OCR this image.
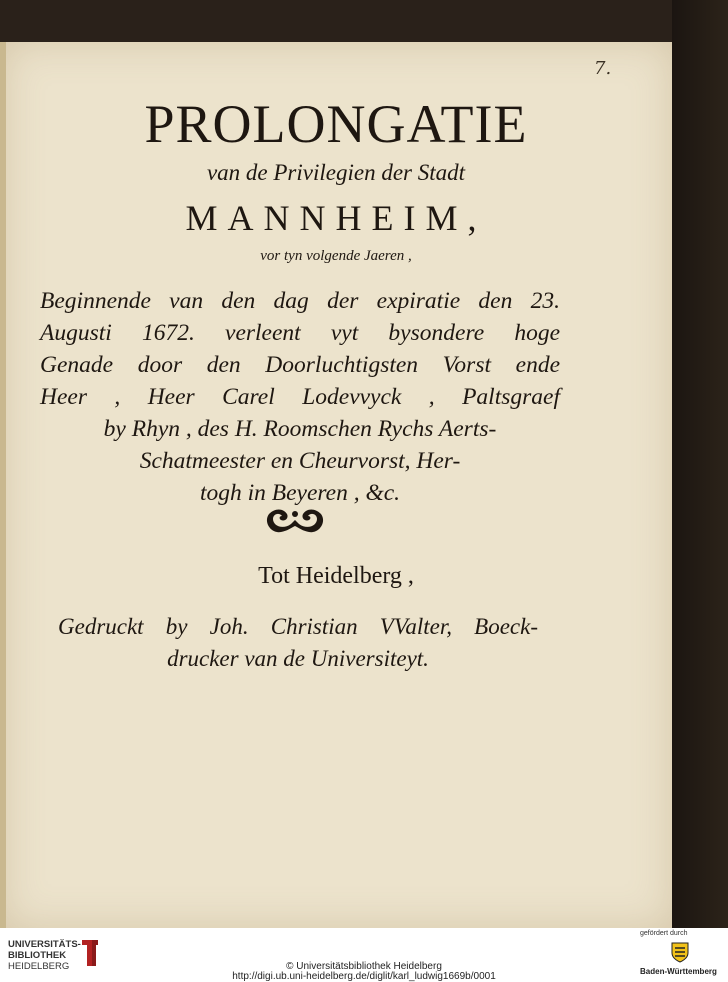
7.
PROLONGATIE
van de Privilegien der Stadt
MANNHEIM,
vor tyn volgende Jaeren ,
Beginnende van den dag der expiratie den 23.
Augusti 1672. verleent vyt bysondere hoge
Genade door den Doorluchtigsten Vorst ende
Heer , Heer Carel Lodevvyck , Paltsgraef
by Rhyn , des H. Roomschen Rychs Aerts-
Schatmeester en Cheurvorst, Her-
togh in Beyeren , &c.
Tot Heidelberg ,
Gedruckt by Joh. Christian VValter, Boeck-
drucker van de Universiteyt.
UNIVERSITÄTS-
BIBLIOTHEK
HEIDELBERG	© Universitätsbibliothek Heidelberg
http://digi.ub.uni-heidelberg.de/diglit/karl_ludwig1669b/0001
gefördert durch
Baden-Württemberg
